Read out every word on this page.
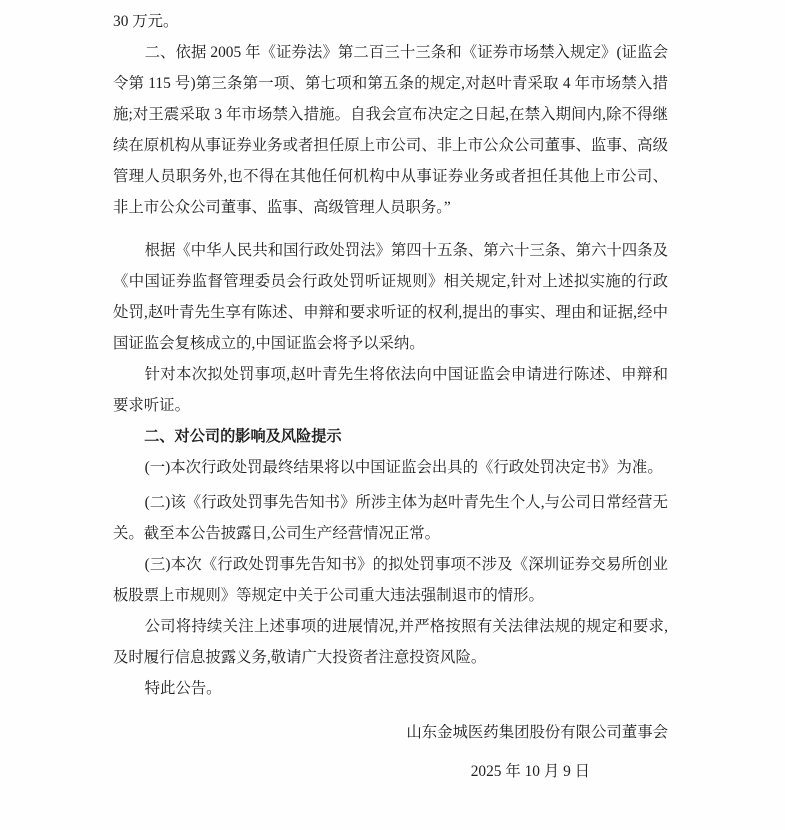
30 万元。

二、依据 2005 年《证券法》第二百三十三条和《证券市场禁入规定》(证监会令第 115 号)第三条第一项、第七项和第五条的规定,对赵叶青采取 4 年市场禁入措施;对王震采取 3 年市场禁入措施。自我会宣布决定之日起,在禁入期间内,除不得继续在原机构从事证券业务或者担任原上市公司、非上市公众公司董事、监事、高级管理人员职务外,也不得在其他任何机构中从事证券业务或者担任其他上市公司、非上市公众公司董事、监事、高级管理人员职务。”

根据《中华人民共和国行政处罚法》第四十五条、第六十三条、第六十四条及《中国证券监督管理委员会行政处罚听证规则》相关规定,针对上述拟实施的行政处罚,赵叶青先生享有陈述、申辩和要求听证的权利,提出的事实、理由和证据,经中国证监会复核成立的,中国证监会将予以采纳。

针对本次拟处罚事项,赵叶青先生将依法向中国证监会申请进行陈述、申辩和要求听证。

二、对公司的影响及风险提示

(一)本次行政处罚最终结果将以中国证监会出具的《行政处罚决定书》为准。

(二)该《行政处罚事先告知书》所涉主体为赵叶青先生个人,与公司日常经营无关。截至本公告披露日,公司生产经营情况正常。

(三)本次《行政处罚事先告知书》的拟处罚事项不涉及《深圳证券交易所创业板股票上市规则》等规定中关于公司重大违法强制退市的情形。

公司将持续关注上述事项的进展情况,并严格按照有关法律法规的规定和要求,及时履行信息披露义务,敬请广大投资者注意投资风险。

特此公告。

山东金城医药集团股份有限公司董事会

2025 年 10 月 9 日
